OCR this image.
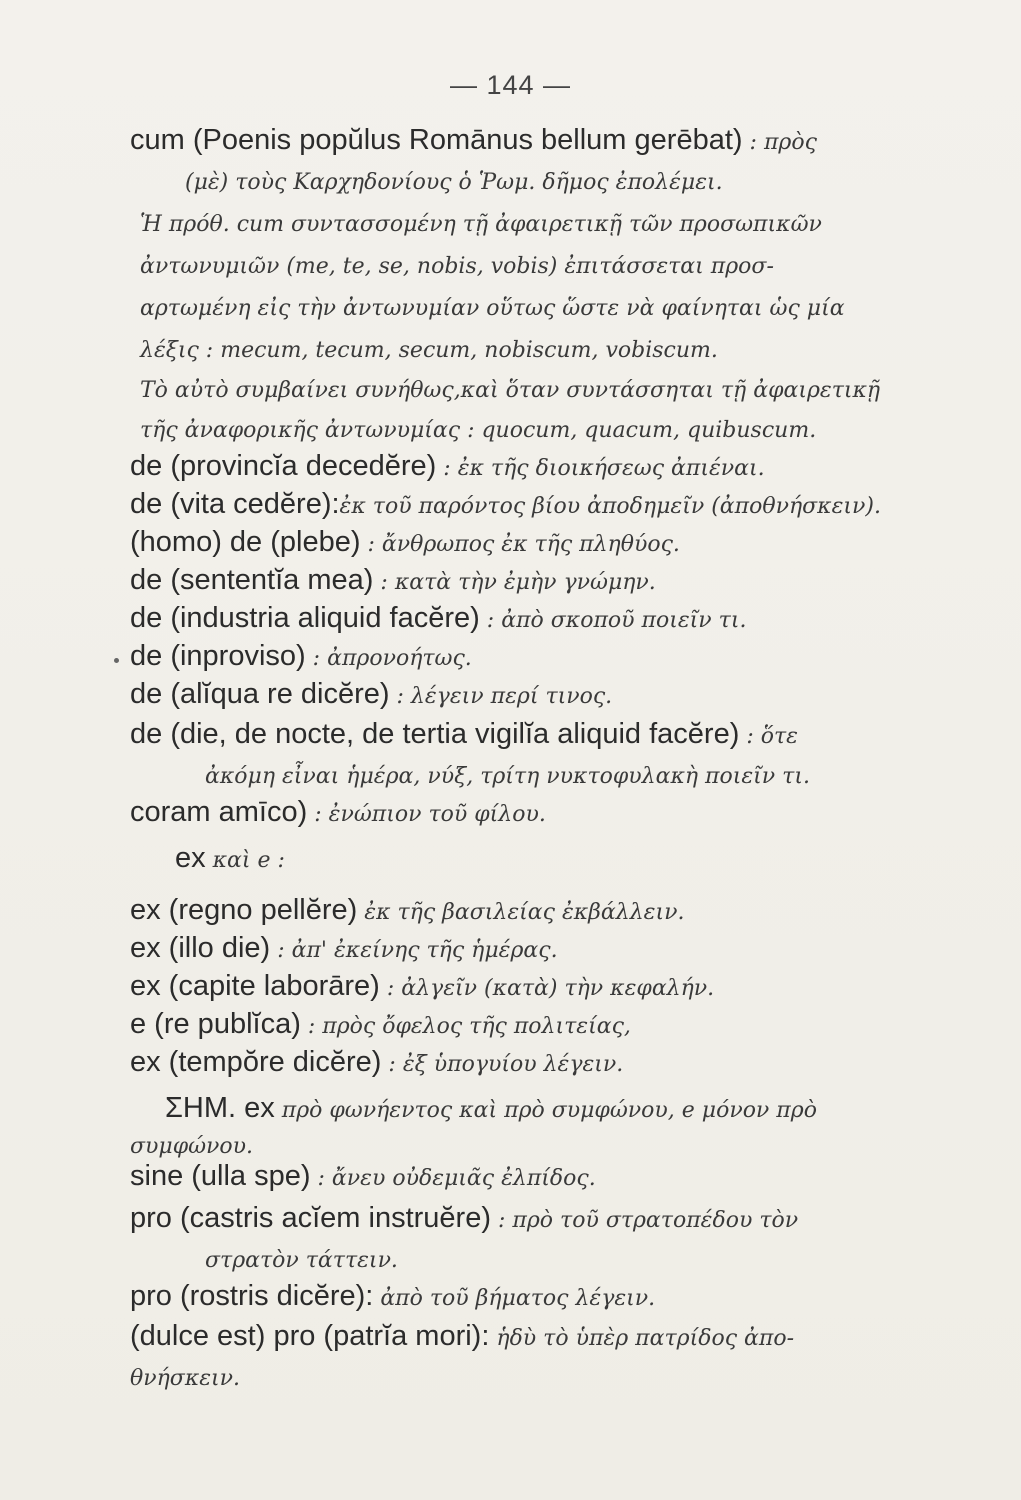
— 144 —
cum (Poenis popŭlus Romānus bellum gerēbat) : πρὸς
(μὲ) τοὺς Καρχηδονίους ὁ Ῥωμ. δῆμος ἐπολέμει.
Ἡ πρόθ. cum συντασσομένη τῇ ἀφαιρετικῇ τῶν προσωπικῶν
ἀντωνυμιῶν (me, te, se, nobis, vobis) ἐπιτάσσεται προσ-
αρτωμένη εἰς τὴν ἀντωνυμίαν οὕτως ὥστε νὰ φαίνηται ὡς μία
λέξις : mecum, tecum, secum, nobiscum, vobiscum.
Τὸ αὐτὸ συμβαίνει συνήθως,καὶ ὅταν συντάσσηται τῇ ἀφαιρετικῇ
τῆς ἀναφορικῆς ἀντωνυμίας : quocum, quacum, quibuscum.
de (provincĭa decedĕre) : ἐκ τῆς διοικήσεως ἀπιέναι.
de (vita cedĕre):ἐκ τοῦ παρόντος βίου ἀποδημεῖν (ἀποθνήσκειν).
(homo) de (plebe) : ἄνθρωπος ἐκ τῆς πληθύος.
de (sententĭa mea) : κατὰ τὴν ἐμὴν γνώμην.
de (industria aliquid facĕre) : ἀπὸ σκοποῦ ποιεῖν τι.
de (inproviso) : ἀπρονοήτως.
de (alĭqua re dicĕre) : λέγειν περί τινος.
de (die, de nocte, de tertia vigilĭa aliquid facĕre) : ὅτε
ἀκόμη εἶναι ἡμέρα, νύξ, τρίτη νυκτοφυλακὴ ποιεῖν τι.
coram amīco) : ἐνώπιον τοῦ φίλου.
ex καὶ e :
ex (regno pellĕre) ἐκ τῆς βασιλείας ἐκβάλλειν.
ex (illo die) : ἀπ' ἐκείνης τῆς ἡμέρας.
ex (capite laborāre) : ἀλγεῖν (κατὰ) τὴν κεφαλήν.
e (re publĭca) : πρὸς ὄφελος τῆς πολιτείας,
ex (tempŏre dicĕre) : ἐξ ὑπογυίου λέγειν.
ΣΗΜ. ex πρὸ φωνήεντος καὶ πρὸ συμφώνου, e μόνον πρὸ
συμφώνου.
sine (ulla spe) : ἄνευ οὐδεμιᾶς ἐλπίδος.
pro (castris acĭem instruĕre) : πρὸ τοῦ στρατοπέδου τὸν
στρατὸν τάττειν.
pro (rostris dicĕre): ἀπὸ τοῦ βήματος λέγειν.
(dulce est) pro (patrĭa mori): ἡδὺ τὸ ὑπὲρ πατρίδος ἀπο-
θνήσκειν.
